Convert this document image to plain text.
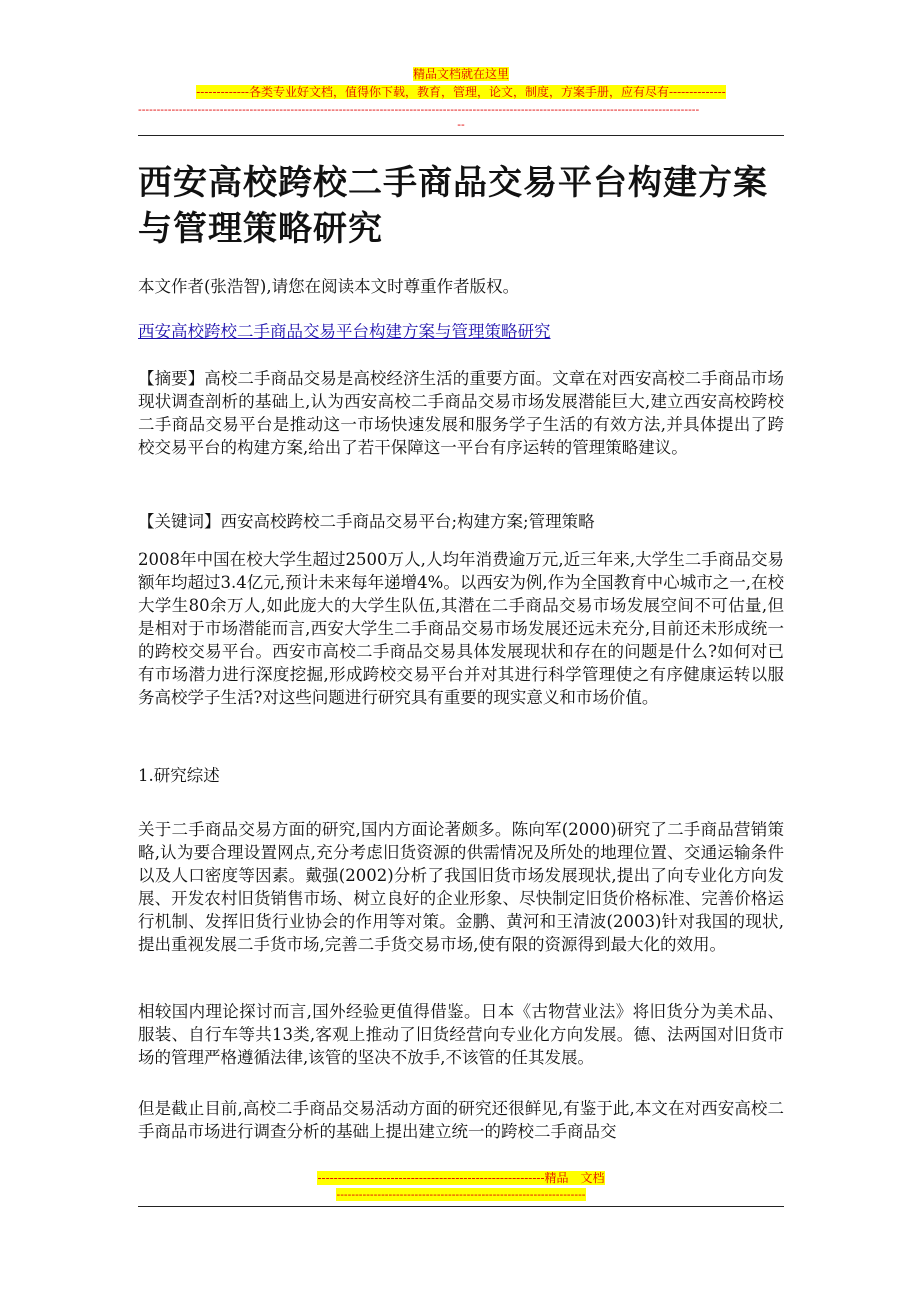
精品文档就在这里
-------------各类专业好文档，值得你下载，教育，管理，论文，制度，方案手册，应有尽有--------------
-------------------------------------------------------------------------------------------------------------------------------------------------------
--
西安高校跨校二手商品交易平台构建方案与管理策略研究

本文作者(张浩智),请您在阅读本文时尊重作者版权。

西安高校跨校二手商品交易平台构建方案与管理策略研究

【摘要】高校二手商品交易是高校经济生活的重要方面。文章在对西安高校二手商品市场现状调查剖析的基础上,认为西安高校二手商品交易市场发展潜能巨大,建立西安高校跨校二手商品交易平台是推动这一市场快速发展和服务学子生活的有效方法,并具体提出了跨校交易平台的构建方案,给出了若干保障这一平台有序运转的管理策略建议。

【关键词】西安高校跨校二手商品交易平台;构建方案;管理策略

2008年中国在校大学生超过2500万人,人均年消费逾万元,近三年来,大学生二手商品交易额年均超过3.4亿元,预计未来每年递增4%。以西安为例,作为全国教育中心城市之一,在校大学生80余万人,如此庞大的大学生队伍,其潜在二手商品交易市场发展空间不可估量,但是相对于市场潜能而言,西安大学生二手商品交易市场发展还远未充分,目前还未形成统一的跨校交易平台。西安市高校二手商品交易具体发展现状和存在的问题是什么?如何对已有市场潜力进行深度挖掘,形成跨校交易平台并对其进行科学管理使之有序健康运转以服务高校学子生活?对这些问题进行研究具有重要的现实意义和市场价值。

1.研究综述

关于二手商品交易方面的研究,国内方面论著颇多。陈向军(2000)研究了二手商品营销策略,认为要合理设置网点,充分考虑旧货资源的供需情况及所处的地理位置、交通运输条件以及人口密度等因素。戴强(2002)分析了我国旧货市场发展现状,提出了向专业化方向发展、开发农村旧货销售市场、树立良好的企业形象、尽快制定旧货价格标准、完善价格运行机制、发挥旧货行业协会的作用等对策。金鹏、黄河和王清波(2003)针对我国的现状,提出重视发展二手货市场,完善二手货交易市场,使有限的资源得到最大化的效用。

相较国内理论探讨而言,国外经验更值得借鉴。日本《古物营业法》将旧货分为美术品、服装、自行车等共13类,客观上推动了旧货经营向专业化方向发展。德、法两国对旧货市场的管理严格遵循法律,该管的坚决不放手,不该管的任其发展。

但是截止目前,高校二手商品交易活动方面的研究还很鲜见,有鉴于此,本文在对西安高校二手商品市场进行调查分析的基础上提出建立统一的跨校二手商品交

--------------------------------------------------------精品　文档
-------------------------------------------------------------------
